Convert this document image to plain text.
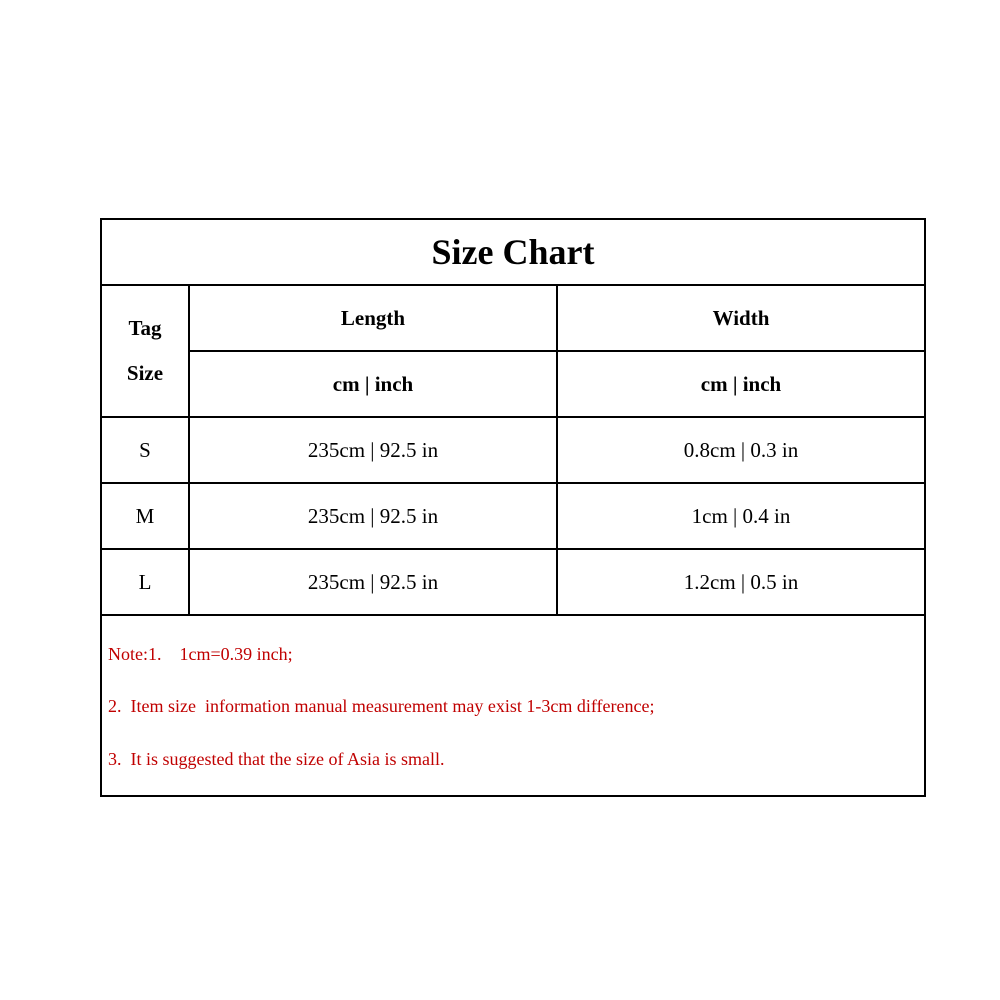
Size Chart
Tag
Size
Length	Width
cm | inch	cm | inch
S	235cm | 92.5 in	0.8cm | 0.3 in
M	235cm | 92.5 in	1cm | 0.4 in
L	235cm | 92.5 in	1.2cm | 0.5 in
Note:1.    1cm=0.39 inch;
2.  Item size  information manual measurement may exist 1-3cm difference;
3.  It is suggested that the size of Asia is small.
